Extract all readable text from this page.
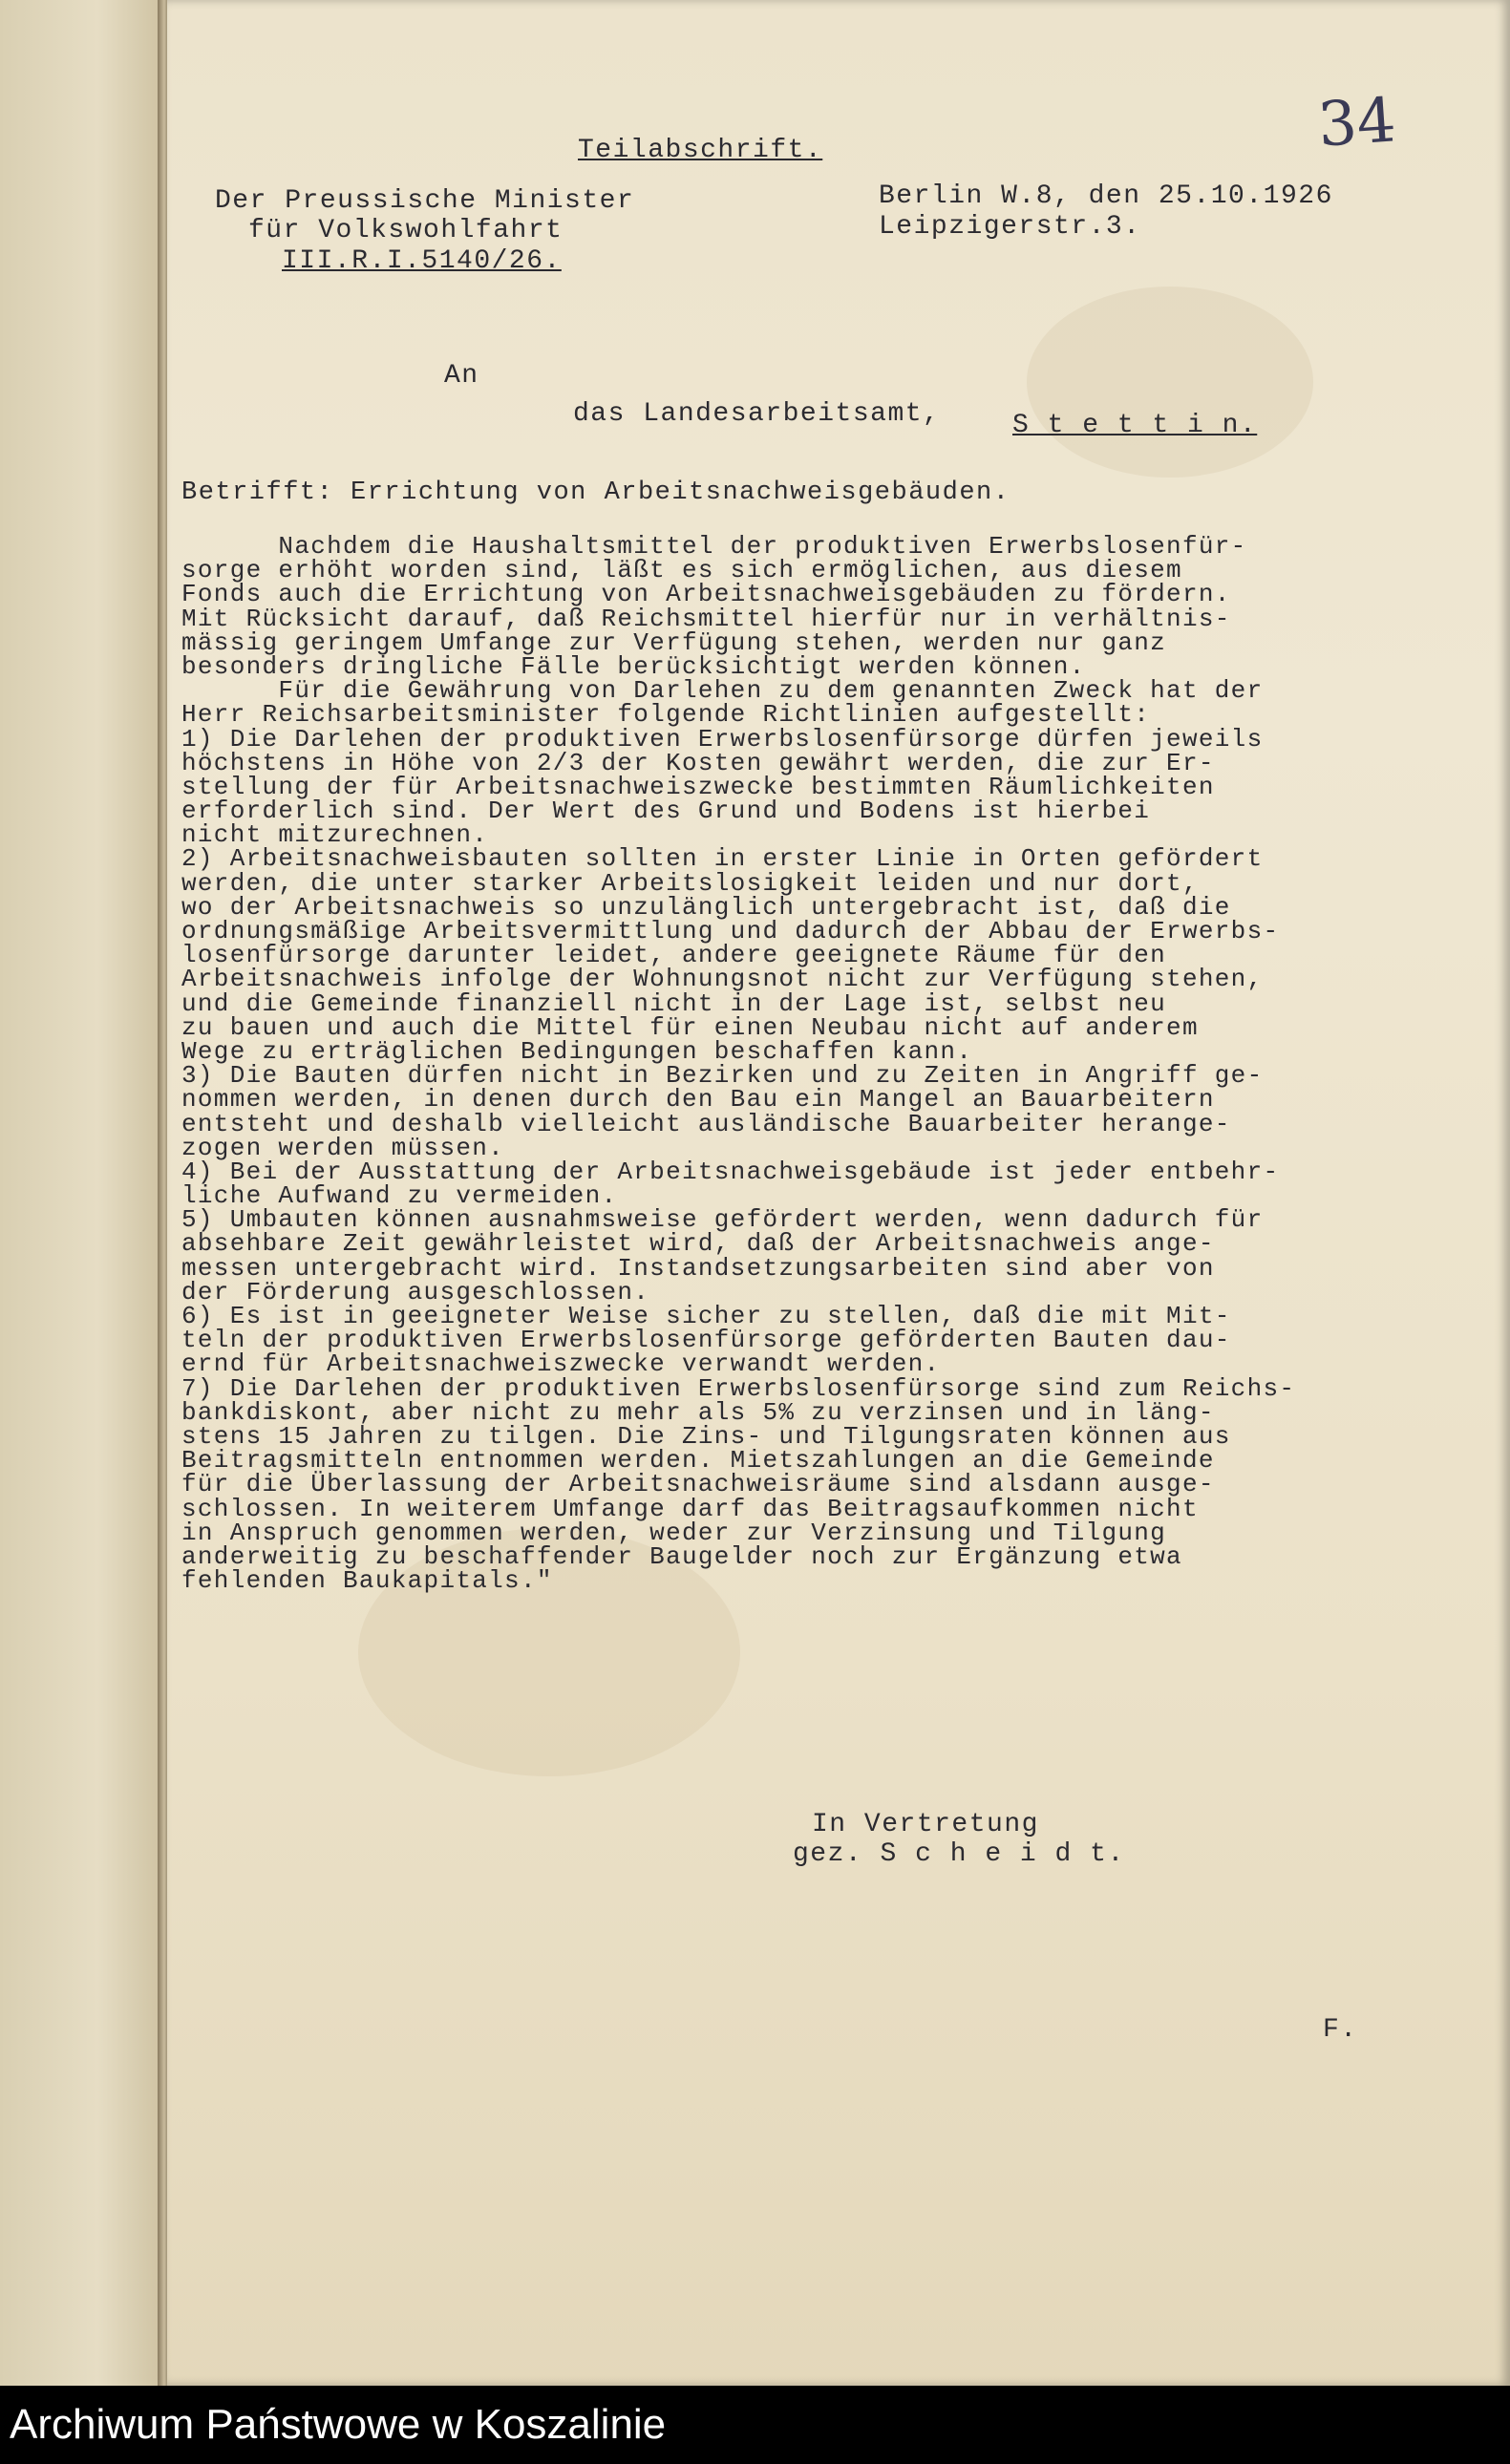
34
Teilabschrift.
Der Preussische Minister
für Volkswohlfahrt
III.R.I.5140/26.
Berlin W.8, den 25.10.1926
Leipzigerstr.3.
An
das Landesarbeitsamt,	S t e t t i n.
Betrifft: Errichtung von Arbeitsnachweisgebäuden.
Nachdem die Haushaltsmittel der produktiven Erwerbslosenfür-
sorge erhöht worden sind, läßt es sich ermöglichen, aus diesem
Fonds auch die Errichtung von Arbeitsnachweisgebäuden zu fördern.
Mit Rücksicht darauf, daß Reichsmittel hierfür nur in verhältnis-
mässig geringem Umfange zur Verfügung stehen, werden nur ganz
besonders dringliche Fälle berücksichtigt werden können.
Für die Gewährung von Darlehen zu dem genannten Zweck hat der
Herr Reichsarbeitsminister folgende Richtlinien aufgestellt:
1) Die Darlehen der produktiven Erwerbslosenfürsorge dürfen jeweils
höchstens in Höhe von 2/3 der Kosten gewährt werden, die zur Er-
stellung der für Arbeitsnachweiszwecke bestimmten Räumlichkeiten
erforderlich sind. Der Wert des Grund und Bodens ist hierbei
nicht mitzurechnen.
2) Arbeitsnachweisbauten sollten in erster Linie in Orten gefördert
werden, die unter starker Arbeitslosigkeit leiden und nur dort,
wo der Arbeitsnachweis so unzulänglich untergebracht ist, daß die
ordnungsmäßige Arbeitsvermittlung und dadurch der Abbau der Erwerbs-
losenfürsorge darunter leidet, andere geeignete Räume für den
Arbeitsnachweis infolge der Wohnungsnot nicht zur Verfügung stehen,
und die Gemeinde finanziell nicht in der Lage ist, selbst neu
zu bauen und auch die Mittel für einen Neubau nicht auf anderem
Wege zu erträglichen Bedingungen beschaffen kann.
3) Die Bauten dürfen nicht in Bezirken und zu Zeiten in Angriff ge-
nommen werden, in denen durch den Bau ein Mangel an Bauarbeitern
entsteht und deshalb vielleicht ausländische Bauarbeiter herange-
zogen werden müssen.
4) Bei der Ausstattung der Arbeitsnachweisgebäude ist jeder entbehr-
liche Aufwand zu vermeiden.
5) Umbauten können ausnahmsweise gefördert werden, wenn dadurch für
absehbare Zeit gewährleistet wird, daß der Arbeitsnachweis ange-
messen untergebracht wird. Instandsetzungsarbeiten sind aber von
der Förderung ausgeschlossen.
6) Es ist in geeigneter Weise sicher zu stellen, daß die mit Mit-
teln der produktiven Erwerbslosenfürsorge geförderten Bauten dau-
ernd für Arbeitsnachweiszwecke verwandt werden.
7) Die Darlehen der produktiven Erwerbslosenfürsorge sind zum Reichs-
bankdiskont, aber nicht zu mehr als 5% zu verzinsen und in läng-
stens 15 Jahren zu tilgen. Die Zins- und Tilgungsraten können aus
Beitragsmitteln entnommen werden. Mietszahlungen an die Gemeinde
für die Überlassung der Arbeitsnachweisräume sind alsdann ausge-
schlossen. In weiterem Umfange darf das Beitragsaufkommen nicht
in Anspruch genommen werden, weder zur Verzinsung und Tilgung
anderweitig zu beschaffender Baugelder noch zur Ergänzung etwa
fehlenden Baukapitals."
In Vertretung
gez. S c h e i d t.
F.
Archiwum Państwowe w Koszalinie
